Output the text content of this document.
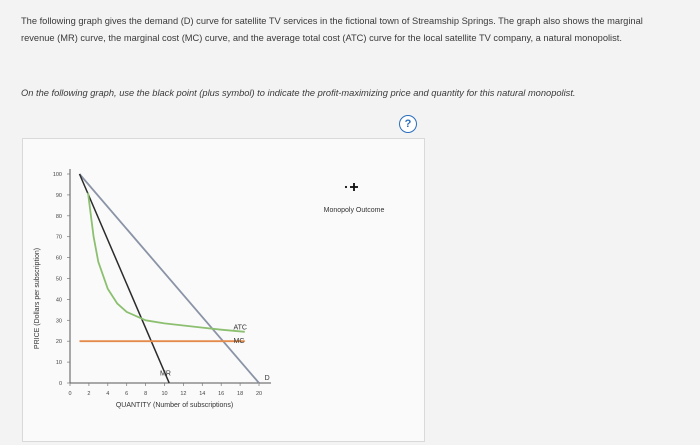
The following graph gives the demand (D) curve for satellite TV services in the fictional town of Streamship Springs. The graph also shows the marginal revenue (MR) curve, the marginal cost (MC) curve, and the average total cost (ATC) curve for the local satellite TV company, a natural monopolist.
On the following graph, use the black point (plus symbol) to indicate the profit-maximizing price and quantity for this natural monopolist.
0
10
20
30
40
50
60
70
80
90
100
0	2	4	6	8	10 12 14 16 18 20
QUANTITY (Number of subscriptions)
PRICE (Dollars per subscription)
MR
D
ATC
MC
Monopoly Outcome
?
